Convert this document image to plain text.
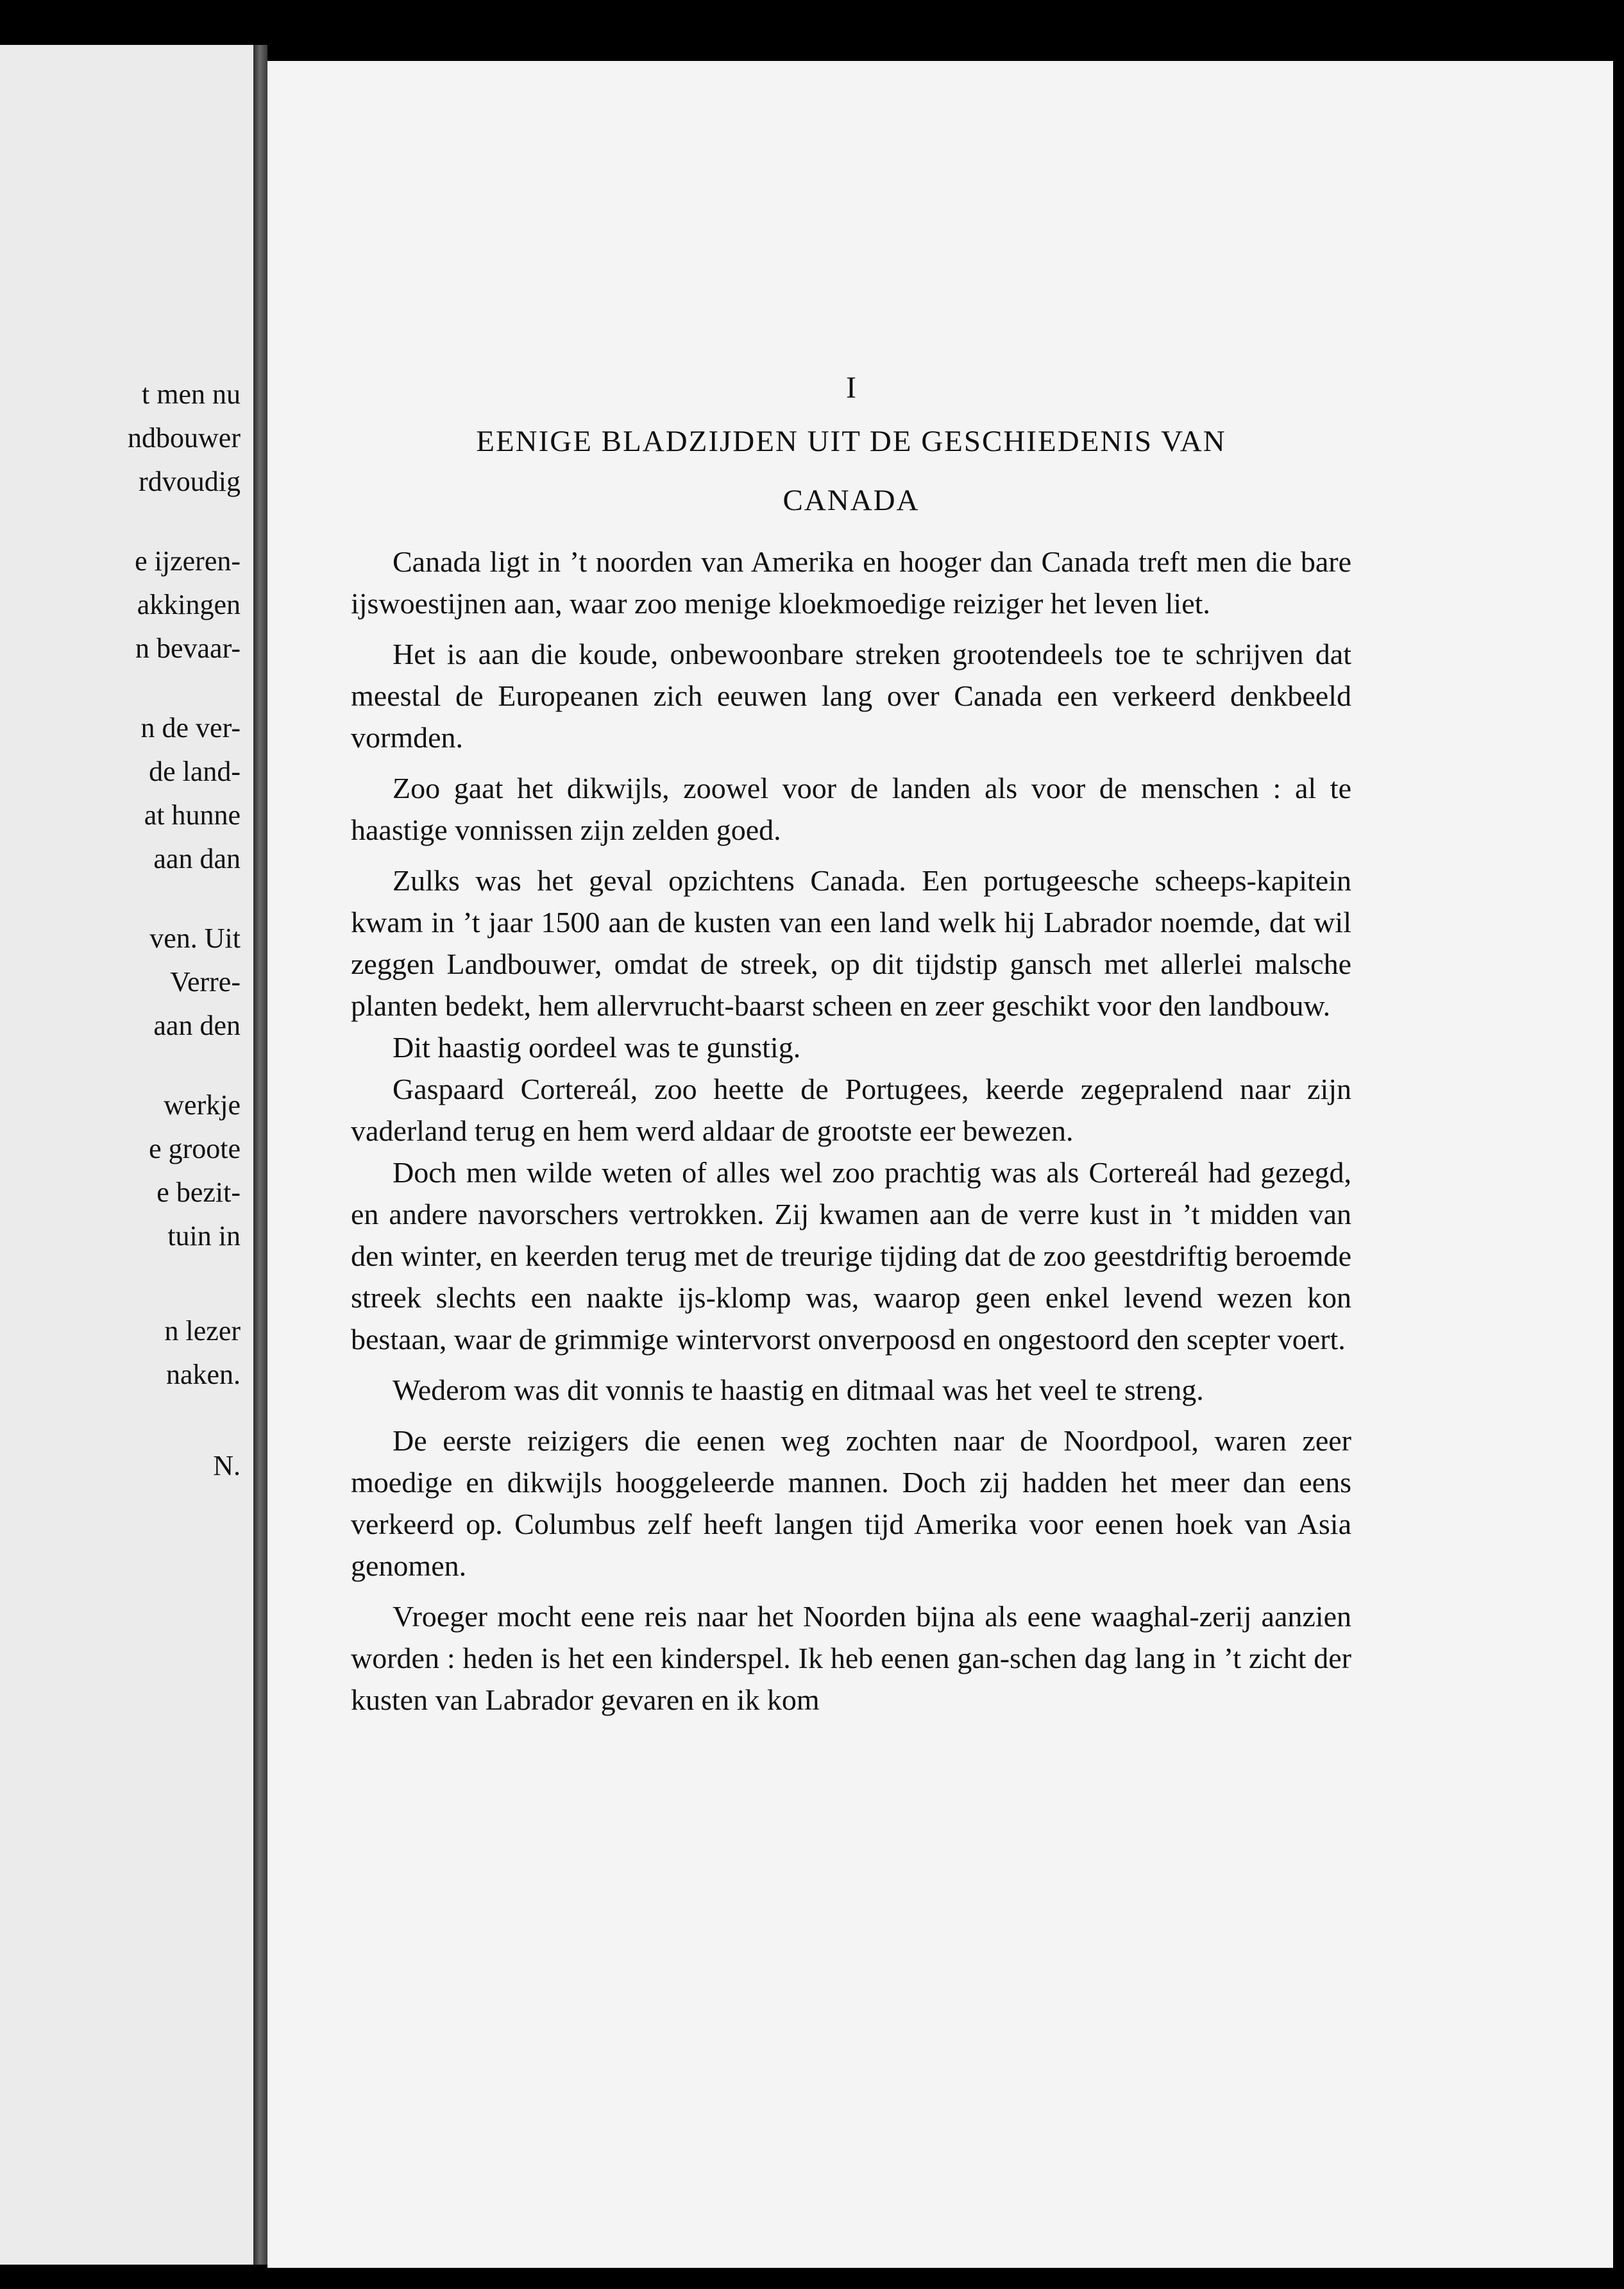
t men nu
ndbouwer
rdvoudig
e ijzeren-
akkingen
n bevaar-
n de ver-
de land-
at hunne
aan dan
ven. Uit
Verre-
aan den
werkje
e groote
e bezit-
tuin in
n lezer
naken.
N.

I

EENIGE BLADZIJDEN UIT DE GESCHIEDENIS VAN
CANADA

Canada ligt in ’t noorden van Amerika en hooger dan Canada treft men die bare ijswoestijnen aan, waar zoo menige kloekmoedige reiziger het leven liet.

Het is aan die koude, onbewoonbare streken grootendeels toe te schrijven dat meestal de Europeanen zich eeuwen lang over Canada een verkeerd denkbeeld vormden.

Zoo gaat het dikwijls, zoowel voor de landen als voor de menschen : al te haastige vonnissen zijn zelden goed.

Zulks was het geval opzichtens Canada. Een portugeesche scheeps-kapitein kwam in ’t jaar 1500 aan de kusten van een land welk hij Labrador noemde, dat wil zeggen Landbouwer, omdat de streek, op dit tijdstip gansch met allerlei malsche planten bedekt, hem allervrucht-baarst scheen en zeer geschikt voor den landbouw.

Dit haastig oordeel was te gunstig.

Gaspaard Cortereál, zoo heette de Portugees, keerde zegepralend naar zijn vaderland terug en hem werd aldaar de grootste eer bewezen.

Doch men wilde weten of alles wel zoo prachtig was als Cortereál had gezegd, en andere navorschers vertrokken. Zij kwamen aan de verre kust in ’t midden van den winter, en keerden terug met de treurige tijding dat de zoo geestdriftig beroemde streek slechts een naakte ijs-klomp was, waarop geen enkel levend wezen kon bestaan, waar de grimmige wintervorst onverpoosd en ongestoord den scepter voert.

Wederom was dit vonnis te haastig en ditmaal was het veel te streng.

De eerste reizigers die eenen weg zochten naar de Noordpool, waren zeer moedige en dikwijls hooggeleerde mannen. Doch zij hadden het meer dan eens verkeerd op. Columbus zelf heeft langen tijd Amerika voor eenen hoek van Asia genomen.

Vroeger mocht eene reis naar het Noorden bijna als eene waaghal-zerij aanzien worden : heden is het een kinderspel. Ik heb eenen gan-schen dag lang in ’t zicht der kusten van Labrador gevaren en ik kom
